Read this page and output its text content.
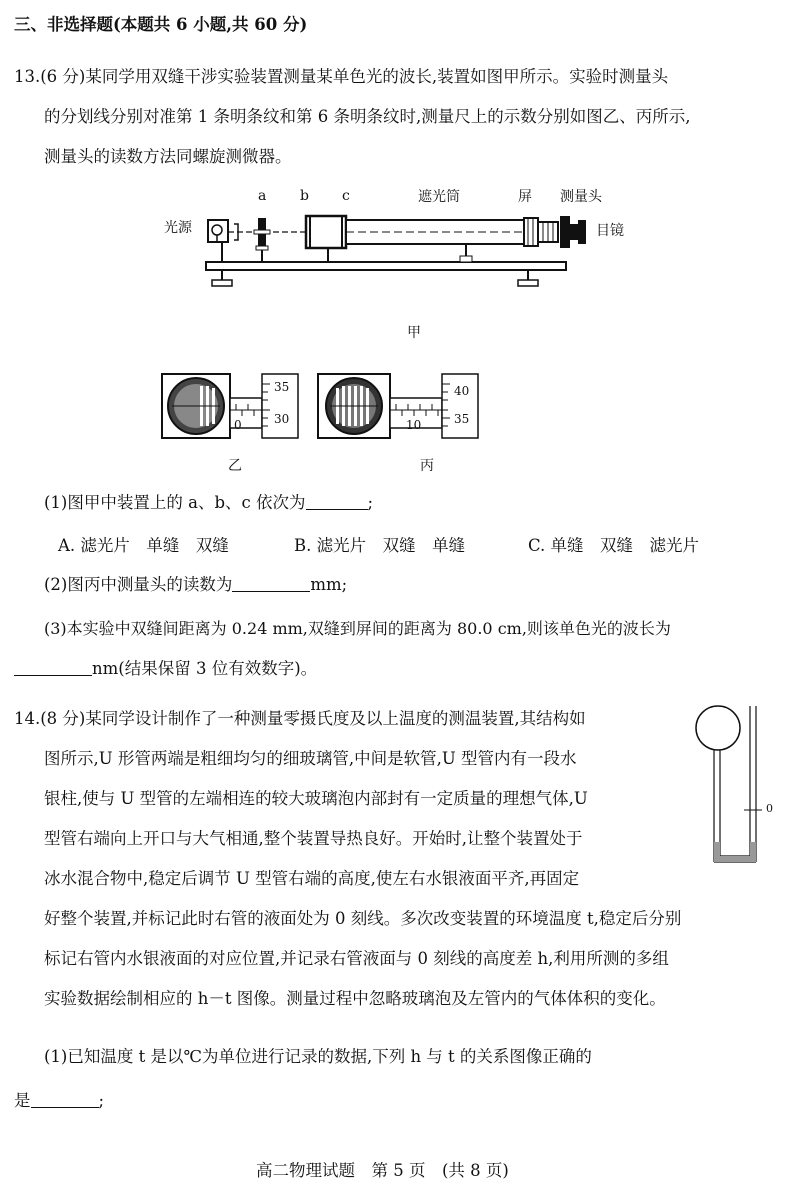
三、非选择题(本题共 6 小题,共 60 分)
13.(6 分)某同学用双缝干涉实验装置测量某单色光的波长,装置如图甲所示。实验时测量头
的分划线分别对准第 1 条明条纹和第 6 条明条纹时,测量尺上的示数分别如图乙、丙所示,
测量头的读数方法同螺旋测微器。
光源
a b c	遮光筒	屏 测量头
目镜
甲
35
30
0
乙
40
35
10
丙
(1)图甲中装置上的 a、b、c 依次为	;
A. 滤光片　单缝　双缝	B. 滤光片　双缝　单缝	C. 单缝　双缝　滤光片
(2)图丙中测量头的读数为	mm;
(3)本实验中双缝间距离为 0.24 mm,双缝到屏间的距离为 80.0 cm,则该单色光的波长为
nm(结果保留 3 位有效数字)。
14.(8 分)某同学设计制作了一种测量零摄氏度及以上温度的测温装置,其结构如
图所示,U 形管两端是粗细均匀的细玻璃管,中间是软管,U 型管内有一段水
银柱,使与 U 型管的左端相连的较大玻璃泡内部封有一定质量的理想气体,U
型管右端向上开口与大气相通,整个装置导热良好。开始时,让整个装置处于
冰水混合物中,稳定后调节 U 型管右端的高度,使左右水银液面平齐,再固定
好整个装置,并标记此时右管的液面处为 0 刻线。多次改变装置的环境温度 t,稳定后分别
标记右管内水银液面的对应位置,并记录右管液面与 0 刻线的高度差 h,利用所测的多组
实验数据绘制相应的 h－t 图像。测量过程中忽略玻璃泡及左管内的气体体积的变化。
(1)已知温度 t 是以℃为单位进行记录的数据,下列 h 与 t 的关系图像正确的
是	;
0
高二物理试题　第 5 页　(共 8 页)
